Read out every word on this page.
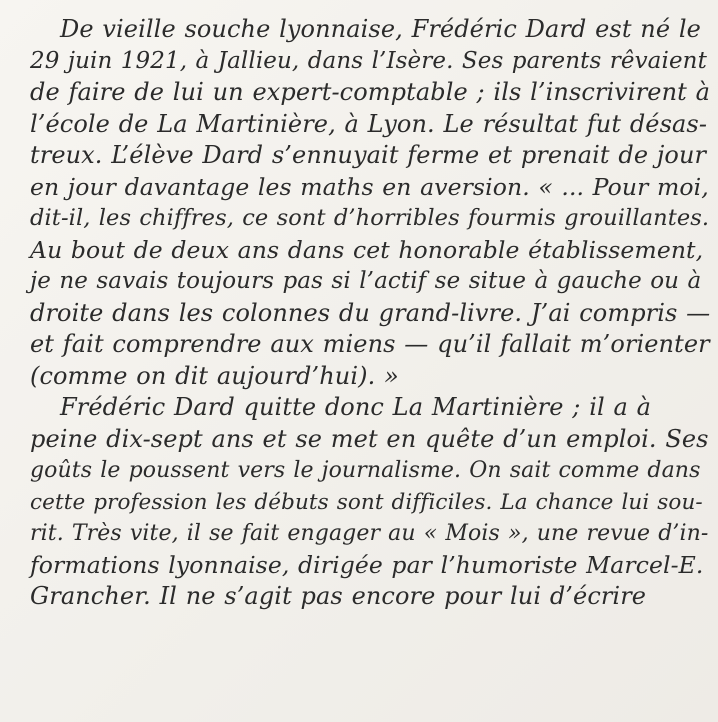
De vieille souche lyonnaise, Frédéric Dard est né le
29 juin 1921, à Jallieu, dans l’Isère. Ses parents rêvaient
de faire de lui un expert-comptable ; ils l’inscrivirent à
l’école de La Martinière, à Lyon. Le résultat fut désas-
treux. L’élève Dard s’ennuyait ferme et prenait de jour
en jour davantage les maths en aversion. « ... Pour moi,
dit-il, les chiffres, ce sont d’horribles fourmis grouillantes.
Au bout de deux ans dans cet honorable établissement,
je ne savais toujours pas si l’actif se situe à gauche ou à
droite dans les colonnes du grand-livre. J’ai compris —
et fait comprendre aux miens — qu’il fallait m’orienter
(comme on dit aujourd’hui). »
Frédéric Dard quitte donc La Martinière ; il a à
peine dix-sept ans et se met en quête d’un emploi. Ses
goûts le poussent vers le journalisme. On sait comme dans
cette profession les débuts sont difficiles. La chance lui sou-
rit. Très vite, il se fait engager au « Mois », une revue d’in-
formations lyonnaise, dirigée par l’humoriste Marcel-E.
Grancher. Il ne s’agit pas encore pour lui d’écrire
